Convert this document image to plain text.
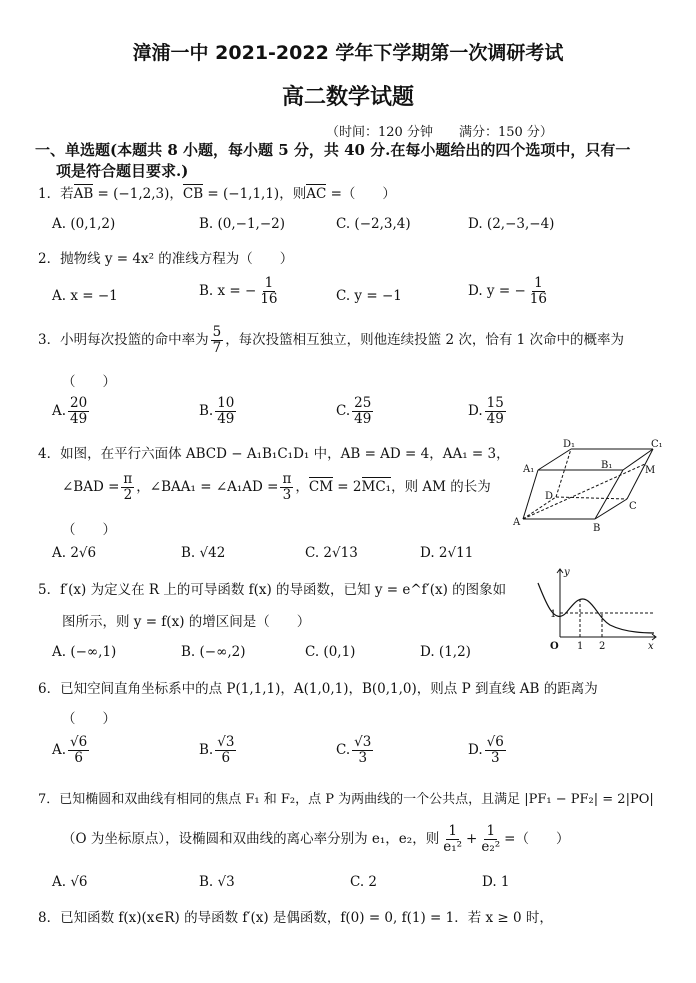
漳浦一中 2021-2022 学年下学期第一次调研考试
高二数学试题
（时间：120 分钟　　满分：150 分）
一、单选题(本题共 8 小题，每小题 5 分，共 40 分.在每小题给出的四个选项中，只有一
项是符合题目要求.)
1．若AB = (−1,2,3)，CB = (−1,1,1)，则AC =（　　）
A. (0,1,2)	B. (0,−1,−2)	C. (−2,3,4)	D. (2,−3,−4)
2．抛物线 y = 4x² 的准线方程为（　　）
A. x = −1	B. x = − $\frac{1}{16}$	C. y = −1	D. y = − $\frac{1}{16}$
3．小明每次投篮的命中率为 $\frac{5}{7}$ ，每次投篮相互独立，则他连续投篮 2 次，恰有 1 次命中的概率为
（　　）
A. $\frac{20}{49}$	B. $\frac{10}{49}$	C. $\frac{25}{49}$	D. $\frac{15}{49}$
4．如图，在平行六面体 ABCD − A₁B₁C₁D₁ 中，AB = AD = 4，AA₁ = 3，
∠BAD = $\frac{\pi}{2}$ ，∠BAA₁ = ∠A₁AD = $\frac{\pi}{3}$ ，CM = 2MC₁，则 AM 的长为
（　　）
A. 2√6	B. √42	C. 2√13	D. 2√11
D₁	C₁
A₁	B₁	M
D
C
A
B
5．f′(x) 为定义在 R 上的可导函数 f(x) 的导函数，已知 y = e^f′(x) 的图象如
图所示，则 y = f(x) 的增区间是（　　）
A. (−∞,1)	B. (−∞,2)	C. (0,1)	D. (1,2)
y
1
O 1 2	x
6．已知空间直角坐标系中的点 P(1,1,1)，A(1,0,1)，B(0,1,0)，则点 P 到直线 AB 的距离为
（　　）
A. $\frac{√6}{6}$	B. $\frac{√3}{6}$	C. $\frac{√3}{3}$	D. $\frac{√6}{3}$
7．已知椭圆和双曲线有相同的焦点 F₁ 和 F₂，点 P 为两曲线的一个公共点，且满足 |PF₁ − PF₂| = 2|PO|
（O 为坐标原点），设椭圆和双曲线的离心率分别为 e₁，e₂，则 $\frac{1}{\text{e₁²}} + \frac{1}{\text{e₂²}}$ =（　　）
A. √6	B. √3	C. 2	D. 1
8．已知函数 f(x)(x∈R) 的导函数 f′(x) 是偶函数，f(0) = 0, f(1) = 1．若 x ≥ 0 时，
